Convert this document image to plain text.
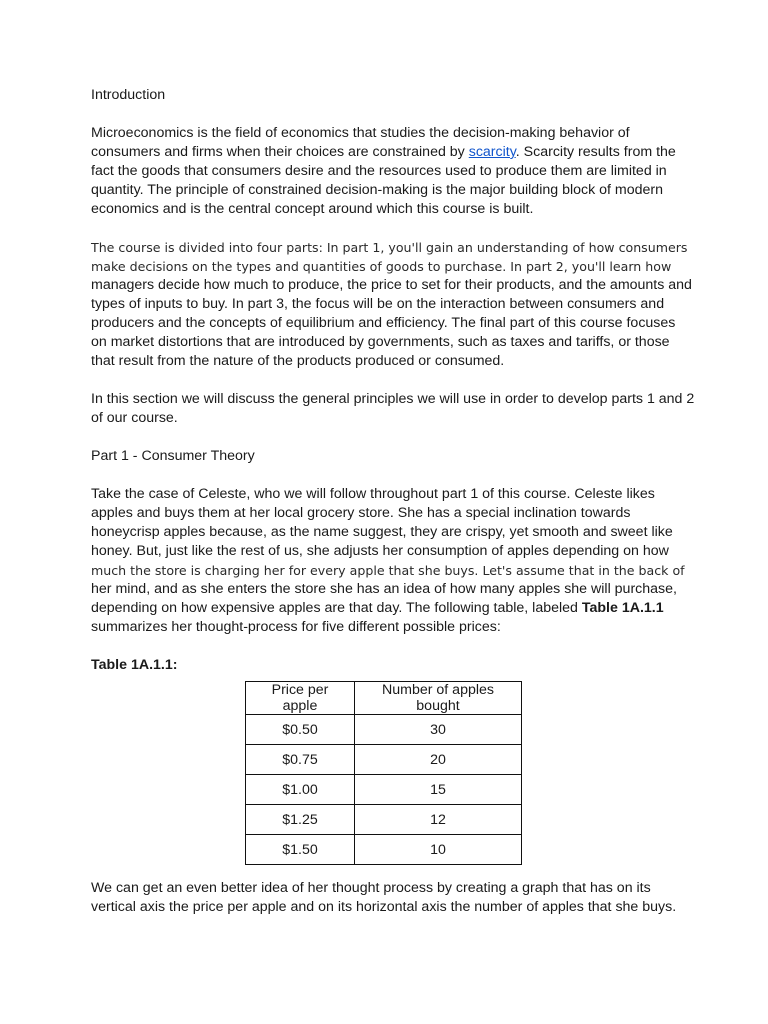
Introduction

Microeconomics is the field of economics that studies the decision-making behavior of

consumers and firms when their choices are constrained by scarcity. Scarcity results from the

fact the goods that consumers desire and the resources used to produce them are limited in

quantity. The principle of constrained decision-making is the major building block of modern

economics and is the central concept around which this course is built.

The course is divided into four parts: In part 1, you'll gain an understanding of how consumers

make decisions on the types and quantities of goods to purchase. In part 2, you'll learn how

managers decide how much to produce, the price to set for their products, and the amounts and

types of inputs to buy. In part 3, the focus will be on the interaction between consumers and

producers and the concepts of equilibrium and efficiency. The final part of this course focuses

on market distortions that are introduced by governments, such as taxes and tariffs, or those

that result from the nature of the products produced or consumed.

In this section we will discuss the general principles we will use in order to develop parts 1 and 2

of our course.

Part 1 - Consumer Theory

Take the case of Celeste, who we will follow throughout part 1 of this course. Celeste likes

apples and buys them at her local grocery store. She has a special inclination towards

honeycrisp apples because, as the name suggest, they are crispy, yet smooth and sweet like

honey. But, just like the rest of us, she adjusts her consumption of apples depending on how

much the store is charging her for every apple that she buys. Let's assume that in the back of

her mind, and as she enters the store she has an idea of how many apples she will purchase,

depending on how expensive apples are that day. The following table, labeled Table 1A.1.1

summarizes her thought-process for five different possible prices:

Table 1A.1.1:

Price per apple	Number of apples bought
$0.50	30
$0.75	20
$1.00	15
$1.25	12
$1.50	10

We can get an even better idea of her thought process by creating a graph that has on its

vertical axis the price per apple and on its horizontal axis the number of apples that she buys.
